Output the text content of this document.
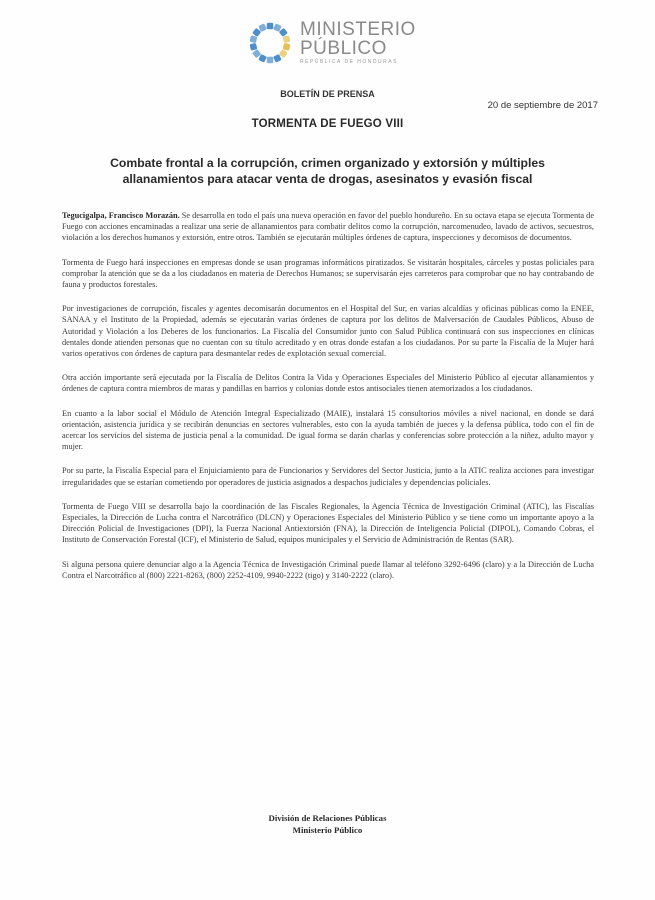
MINISTERIO
PÚBLICO
REPÚBLICA DE HONDURAS
BOLETÍN DE PRENSA
20 de septiembre de 2017
TORMENTA DE FUEGO VIII
Combate frontal a la corrupción, crimen organizado y extorsión y múltiples allanamientos para atacar venta de drogas, asesinatos y evasión fiscal

Tegucigalpa, Francisco Morazán. Se desarrolla en todo el país una nueva operación en favor del pueblo hondureño. En su octava etapa se ejecuta Tormenta de Fuego con acciones encaminadas a realizar una serie de allanamientos para combatir delitos como la corrupción, narcomenudeo, lavado de activos, secuestros, violación a los derechos humanos y extorsión, entre otros. También se ejecutarán múltiples órdenes de captura, inspecciones y decomisos de documentos.

Tormenta de Fuego hará inspecciones en empresas donde se usan programas informáticos piratizados. Se visitarán hospitales, cárceles y postas policiales para comprobar la atención que se da a los ciudadanos en materia de Derechos Humanos; se supervisarán ejes carreteros para comprobar que no hay contrabando de fauna y productos forestales.

Por investigaciones de corrupción, fiscales y agentes decomisarán documentos en el Hospital del Sur, en varias alcaldías y oficinas públicas como la ENEE, SANAA y el Instituto de la Propiedad, además se ejecutarán varias órdenes de captura por los delitos de Malversación de Caudales Públicos, Abuso de Autoridad y Violación a los Deberes de los funcionarios. La Fiscalía del Consumidor junto con Salud Pública continuará con sus inspecciones en clínicas dentales donde atienden personas que no cuentan con su título acreditado y en otras donde estafan a los ciudadanos. Por su parte la Fiscalía de la Mujer hará varios operativos con órdenes de captura para desmantelar redes de explotación sexual comercial.

Otra acción importante será ejecutada por la Fiscalía de Delitos Contra la Vida y Operaciones Especiales del Ministerio Público al ejecutar allanamientos y órdenes de captura contra miembros de maras y pandillas en barrios y colonias donde estos antisociales tienen atemorizados a los ciudadanos.

En cuanto a la labor social el Módulo de Atención Integral Especializado (MAIE), instalará 15 consultorios móviles a nivel nacional, en donde se dará orientación, asistencia jurídica y se recibirán denuncias en sectores vulnerables, esto con la ayuda también de jueces y la defensa pública, todo con el fin de acercar los servicios del sistema de justicia penal a la comunidad. De igual forma se darán charlas y conferencias sobre protección a la niñez, adulto mayor y mujer.

Por su parte, la Fiscalía Especial para el Enjuiciamiento para de Funcionarios y Servidores del Sector Justicia, junto a la ATIC realiza acciones para investigar irregularidades que se estarían cometiendo por operadores de justicia asignados a despachos judiciales y dependencias policiales.

Tormenta de Fuego VIII se desarrolla bajo la coordinación de las Fiscales Regionales, la Agencia Técnica de Investigación Criminal (ATIC), las Fiscalías Especiales, la Dirección de Lucha contra el Narcotráfico (DLCN) y Operaciones Especiales del Ministerio Público y se tiene como un importante apoyo a la Dirección Policial de Investigaciones (DPI), la Fuerza Nacional Antiextorsión (FNA), la Dirección de Inteligencia Policial (DIPOL), Comando Cobras, el Instituto de Conservación Forestal (ICF), el Ministerio de Salud, equipos municipales y el Servicio de Administración de Rentas (SAR).

Si alguna persona quiere denunciar algo a la Agencia Técnica de Investigación Criminal puede llamar al teléfono 3292-6496 (claro) y a la Dirección de Lucha Contra el Narcotráfico al (800) 2221-8263, (800) 2252-4109, 9940-2222 (tigo) y 3140-2222 (claro).

División de Relaciones Públicas
Ministerio Público
